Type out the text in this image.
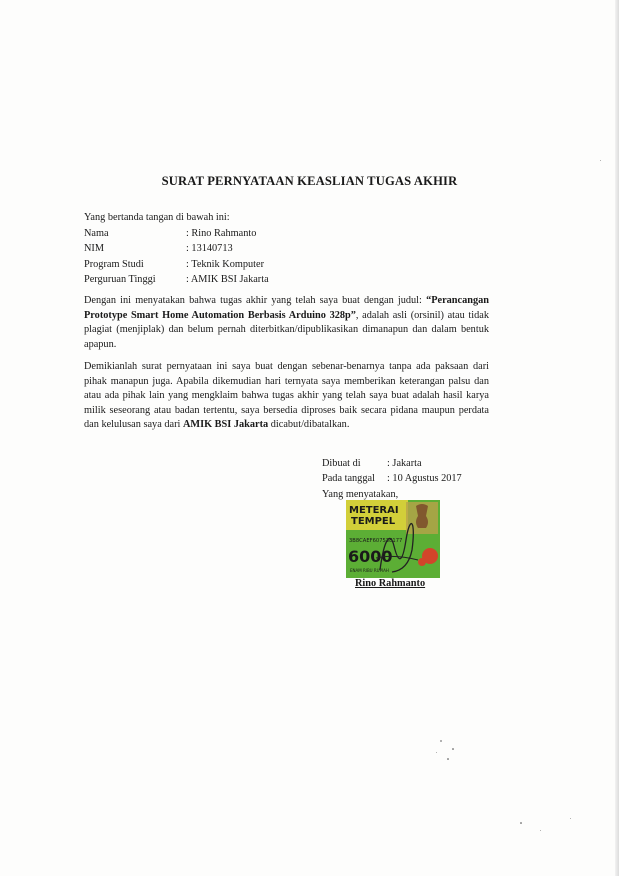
SURAT PERNYATAAN KEASLIAN TUGAS AKHIR
Yang bertanda tangan di bawah ini:
Nama	: Rino Rahmanto
NIM	: 13140713
Program Studi	: Teknik Komputer
Perguruan Tinggi	: AMIK BSI Jakarta
Dengan ini menyatakan bahwa tugas akhir yang telah saya buat dengan judul: “Perancangan Prototype Smart Home Automation Berbasis Arduino 328p”, adalah asli (orsinil) atau tidak plagiat (menjiplak) dan belum pernah diterbitkan/dipublikasikan dimanapun dan dalam bentuk apapun.
Demikianlah surat pernyataan ini saya buat dengan sebenar-benarnya tanpa ada paksaan dari pihak manapun juga. Apabila dikemudian hari ternyata saya memberikan keterangan palsu dan atau ada pihak lain yang mengklaim bahwa tugas akhir yang telah saya buat adalah hasil karya milik seseorang atau badan tertentu, saya bersedia diproses baik secara pidana maupun perdata dan kelulusan saya dari AMIK BSI Jakarta dicabut/dibatalkan.
Dibuat di	: Jakarta
Pada tanggal	: 10 Agustus 2017
Yang menyatakan,
METERAI
TEMPEL
3B8CAEF607538177
6000
ENAM RIBU RUPIAH
Rino Rahmanto
